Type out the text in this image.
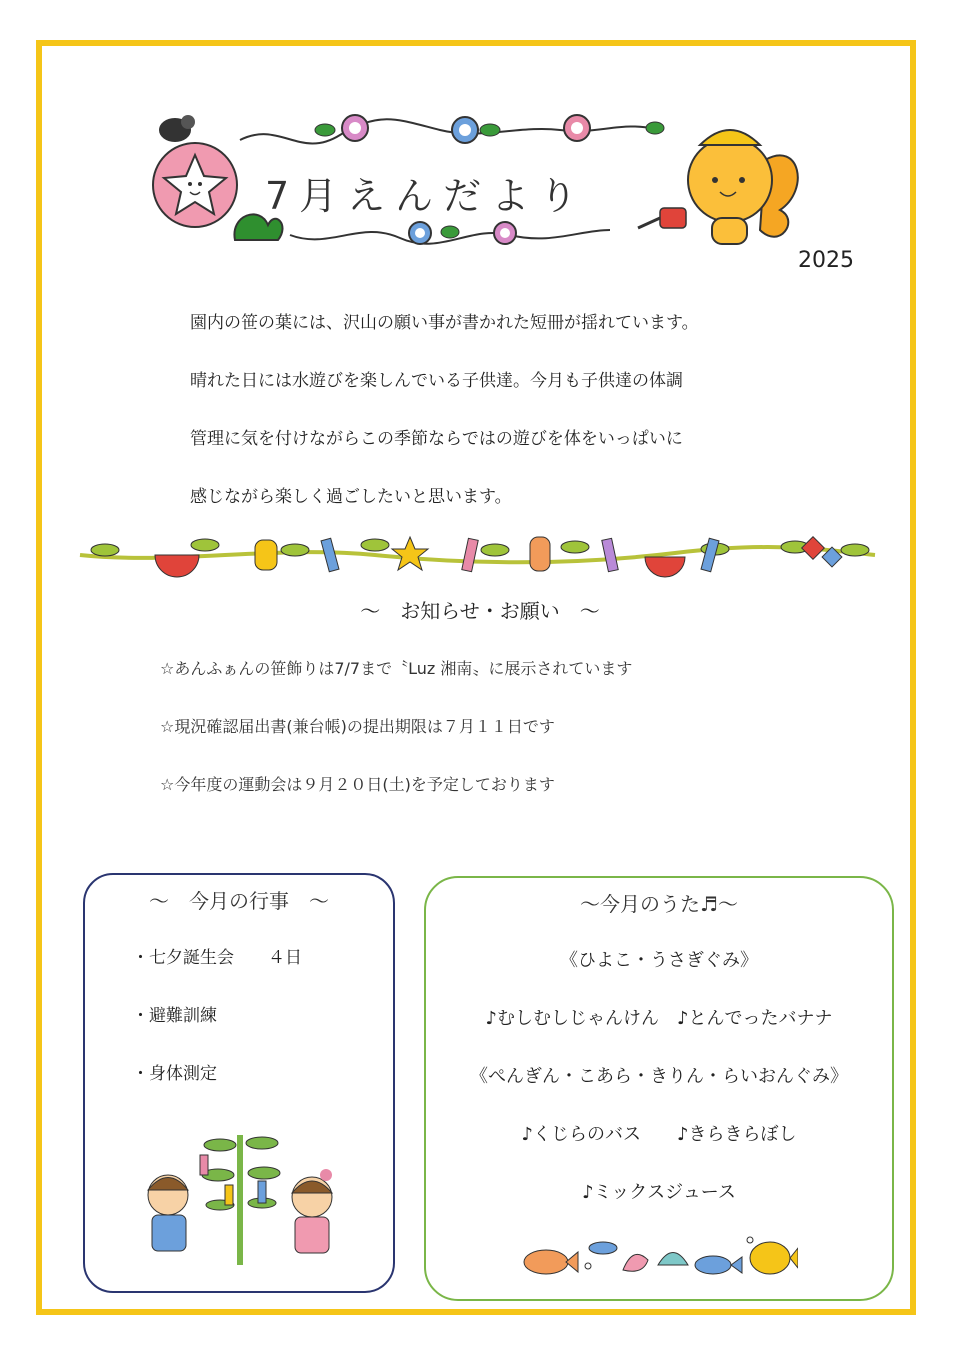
7月えんだより
2025

園内の笹の葉には、沢山の願い事が書かれた短冊が揺れています。

晴れた日には水遊びを楽しんでいる子供達。今月も子供達の体調

管理に気を付けながらこの季節ならではの遊びを体をいっぱいに

感じながら楽しく過ごしたいと思います。

～　お知らせ・お願い　～

☆あんふぁんの笹飾りは7/7まで〝Luz 湘南〟に展示されています

☆現況確認届出書(兼台帳)の提出期限は７月１１日です

☆今年度の運動会は９月２０日(土)を予定しております

～　今月の行事　～

・七夕誕生会　　４日

・避難訓練

・身体測定

～今月のうた♬～

《ひよこ・うさぎぐみ》

♪むしむしじゃんけん　♪とんでったバナナ

《ぺんぎん・こあら・きりん・らいおんぐみ》

♪くじらのバス　　♪きらきらぼし

♪ミックスジュース
